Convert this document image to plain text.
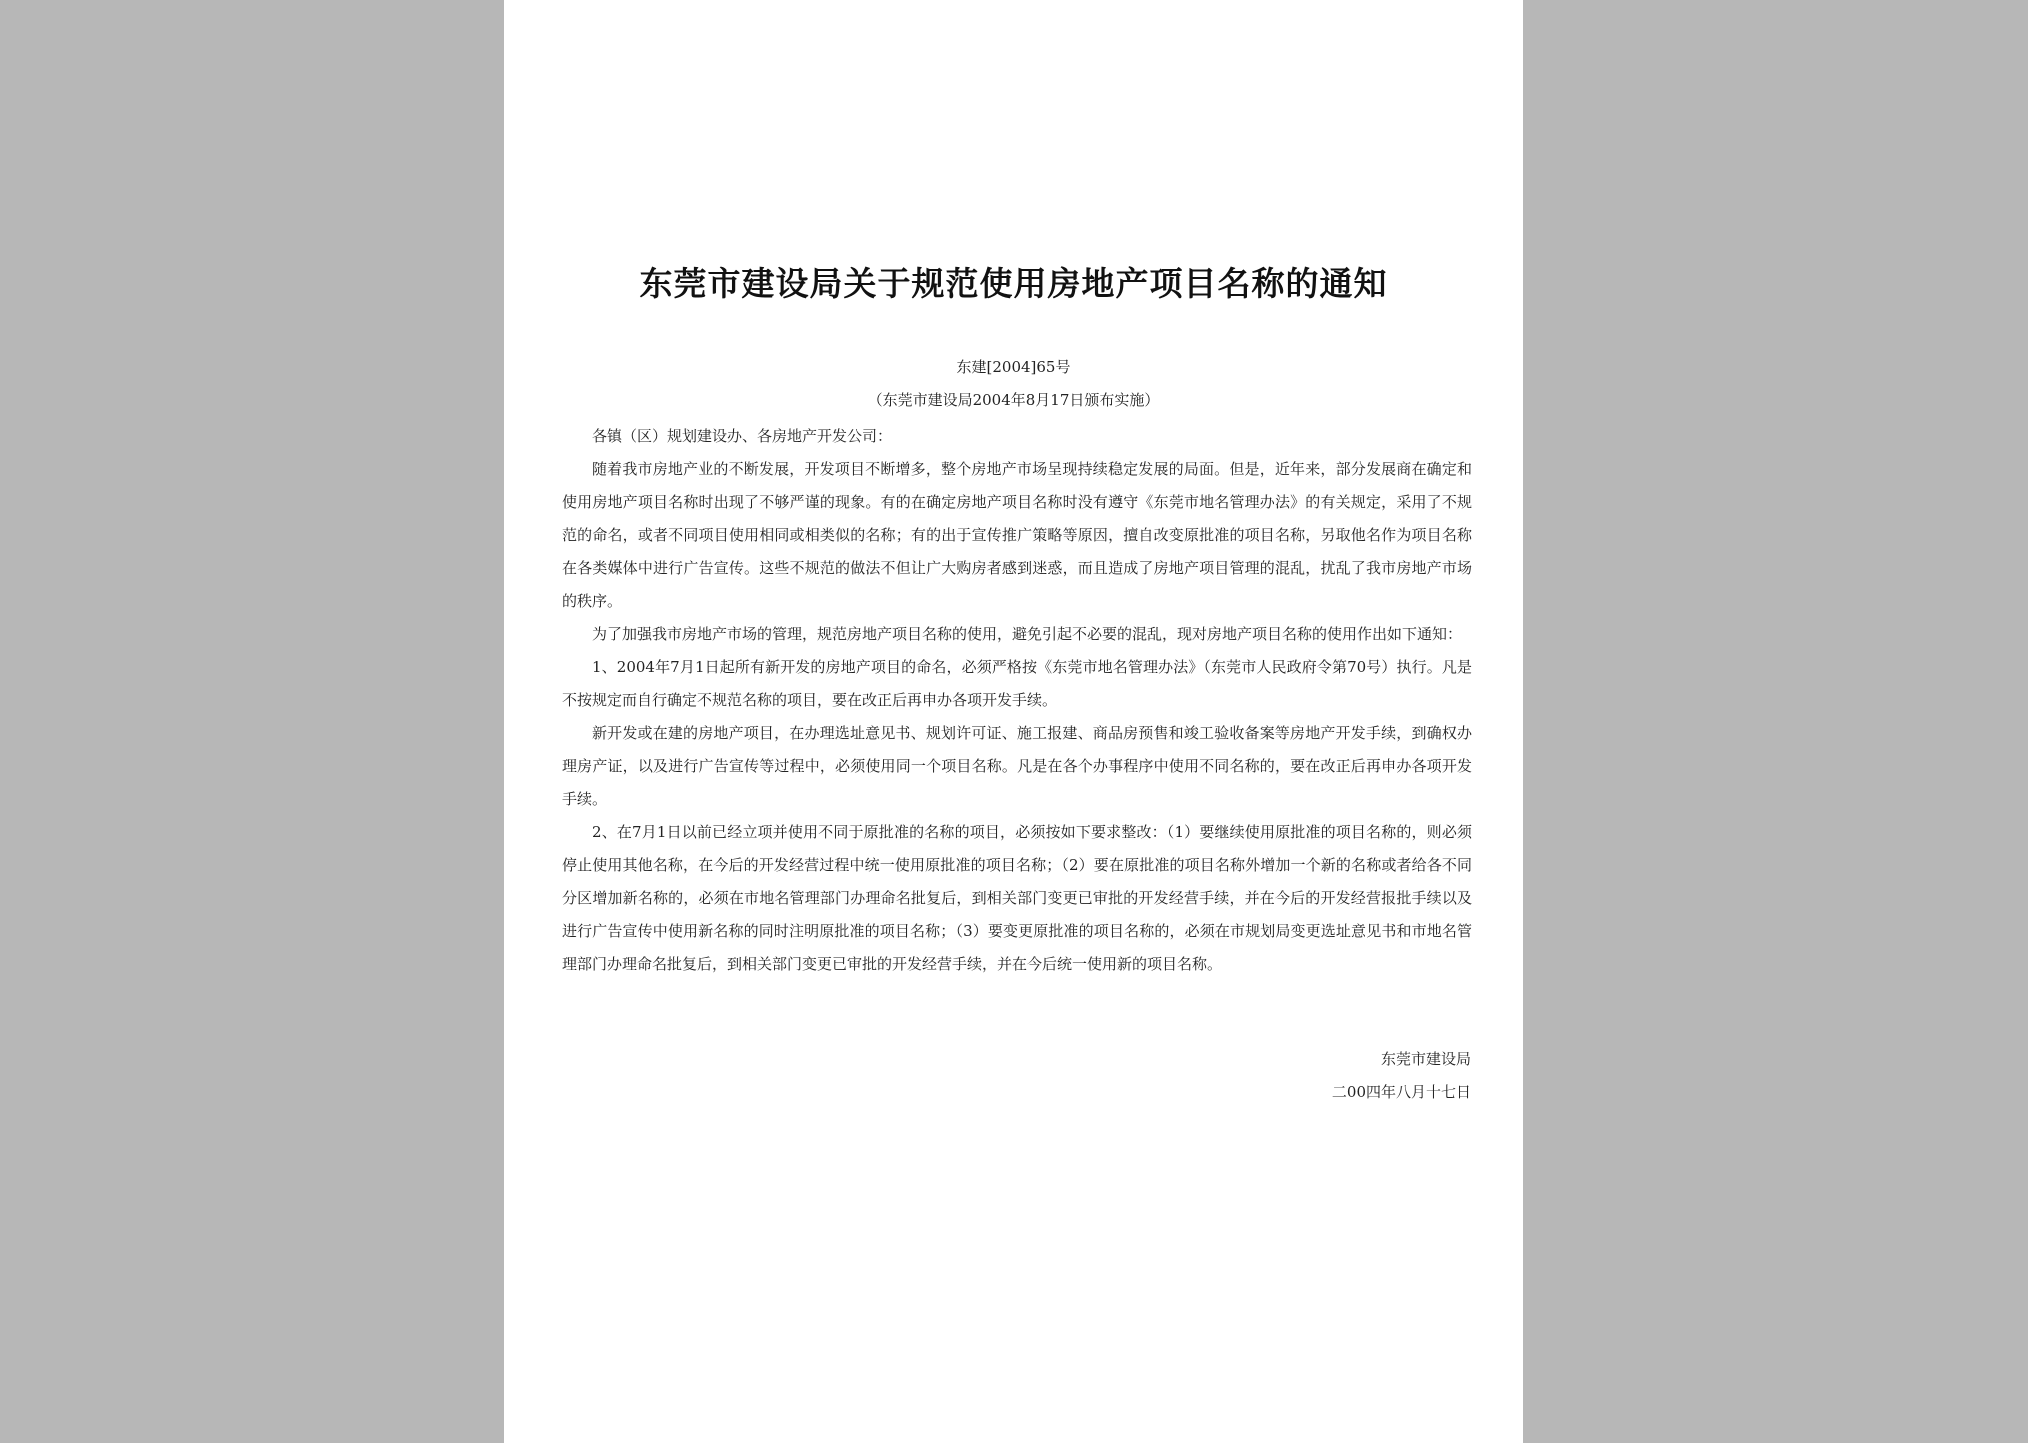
东莞市建设局关于规范使用房地产项目名称的通知
东建[2004]65号
（东莞市建设局2004年8月17日颁布实施）

各镇（区）规划建设办、各房地产开发公司：

随着我市房地产业的不断发展，开发项目不断增多，整个房地产市场呈现持续稳定发展的局面。但是，近年来，部分发展商在确定和使用房地产项目名称时出现了不够严谨的现象。有的在确定房地产项目名称时没有遵守《东莞市地名管理办法》的有关规定，采用了不规范的命名，或者不同项目使用相同或相类似的名称；有的出于宣传推广策略等原因，擅自改变原批准的项目名称，另取他名作为项目名称在各类媒体中进行广告宣传。这些不规范的做法不但让广大购房者感到迷惑，而且造成了房地产项目管理的混乱，扰乱了我市房地产市场的秩序。

为了加强我市房地产市场的管理，规范房地产项目名称的使用，避免引起不必要的混乱，现对房地产项目名称的使用作出如下通知：

1、2004年7月1日起所有新开发的房地产项目的命名，必须严格按《东莞市地名管理办法》（东莞市人民政府令第70号）执行。凡是不按规定而自行确定不规范名称的项目，要在改正后再申办各项开发手续。

新开发或在建的房地产项目，在办理选址意见书、规划许可证、施工报建、商品房预售和竣工验收备案等房地产开发手续，到确权办理房产证，以及进行广告宣传等过程中，必须使用同一个项目名称。凡是在各个办事程序中使用不同名称的，要在改正后再申办各项开发手续。

2、在7月1日以前已经立项并使用不同于原批准的名称的项目，必须按如下要求整改：（1）要继续使用原批准的项目名称的，则必须停止使用其他名称，在今后的开发经营过程中统一使用原批准的项目名称；（2）要在原批准的项目名称外增加一个新的名称或者给各不同分区增加新名称的，必须在市地名管理部门办理命名批复后，到相关部门变更已审批的开发经营手续，并在今后的开发经营报批手续以及进行广告宣传中使用新名称的同时注明原批准的项目名称；（3）要变更原批准的项目名称的，必须在市规划局变更选址意见书和市地名管理部门办理命名批复后，到相关部门变更已审批的开发经营手续，并在今后统一使用新的项目名称。

东莞市建设局
二00四年八月十七日
